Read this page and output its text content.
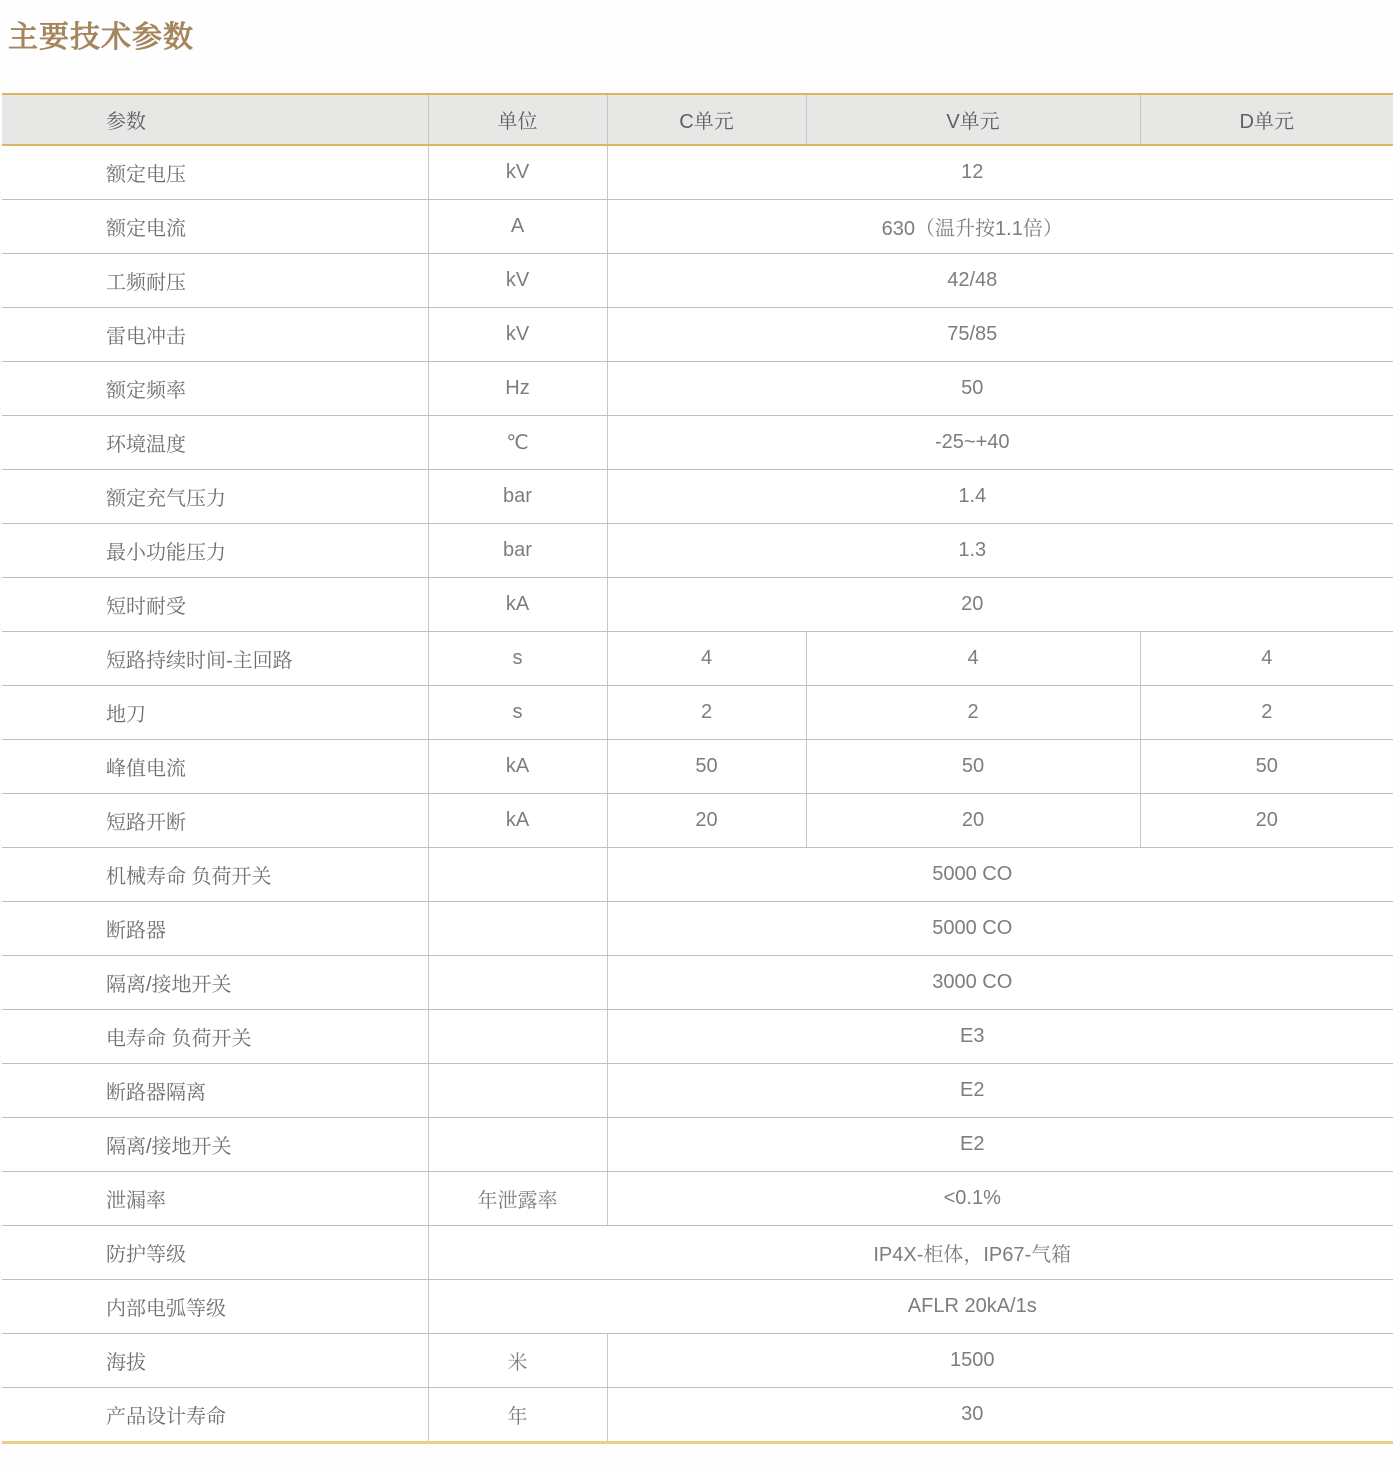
主要技术参数
参数	单位	C单元	V单元	D单元
额定电压	kV	12		
额定电流	A	630（温升按1.1倍）		
工频耐压	kV	42/48		
雷电冲击	kV	75/85		
额定频率	Hz	50		
环境温度	℃	-25~+40		
额定充气压力	bar	1.4		
最小功能压力	bar	1.3		
短时耐受	kA	20		
短路持续时间-主回路	s	4	4	4
地刀	s	2	2	2
峰值电流	kA	50	50	50
短路开断	kA	20	20	20
机械寿命 负荷开关		5000 CO		
断路器		5000 CO		
隔离/接地开关		3000 CO		
电寿命 负荷开关		E3		
断路器隔离		E2		
隔离/接地开关		E2		
泄漏率	年泄露率	<0.1%		
防护等级	IP4X-柜体，IP67-气箱			
内部电弧等级	AFLR 20kA/1s			
海拔	米	1500		
产品设计寿命	年	30		
